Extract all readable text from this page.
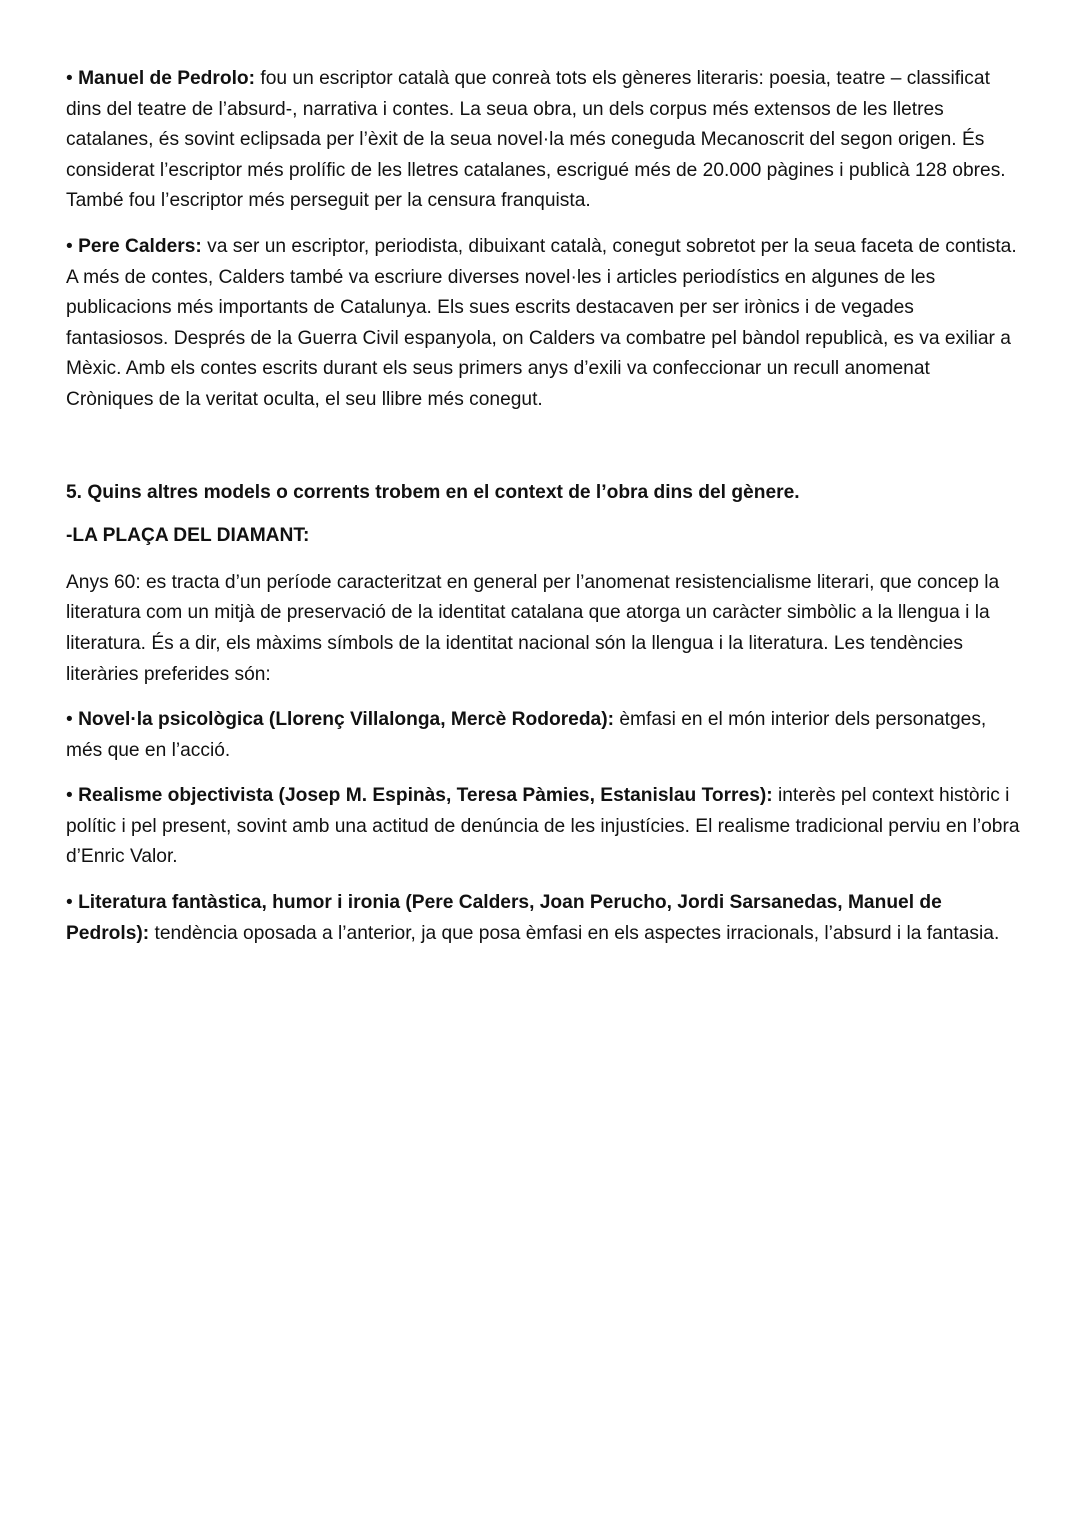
• Manuel de Pedrolo: fou un escriptor català que conreà tots els gèneres literaris: poesia, teatre – classificat dins del teatre de l’absurd-, narrativa i contes. La seua obra, un dels corpus més extensos de les lletres catalanes, és sovint eclipsada per l’èxit de la seua novel·la més coneguda Mecanoscrit del segon origen. És considerat l’escriptor més prolífic de les lletres catalanes, escrigué més de 20.000 pàgines i publicà 128 obres. També fou l’escriptor més perseguit per la censura franquista.

• Pere Calders: va ser un escriptor, periodista, dibuixant català, conegut sobretot per la seua faceta de contista. A més de contes, Calders també va escriure diverses novel·les i articles periodístics en algunes de les publicacions més importants de Catalunya. Els sues escrits destacaven per ser irònics i de vegades fantasiosos. Després de la Guerra Civil espanyola, on Calders va combatre pel bàndol republicà, es va exiliar a Mèxic. Amb els contes escrits durant els seus primers anys d’exili va confeccionar un recull anomenat Cròniques de la veritat oculta, el seu llibre més conegut.

5. Quins altres models o corrents trobem en el context de l’obra dins del gènere.

-LA PLAÇA DEL DIAMANT:

Anys 60: es tracta d’un període caracteritzat en general per l’anomenat resistencialisme literari, que concep la literatura com un mitjà de preservació de la identitat catalana que atorga un caràcter simbòlic a la llengua i la literatura. És a dir, els màxims símbols de la identitat nacional són la llengua i la literatura. Les tendències literàries preferides són:

• Novel·la psicològica (Llorenç Villalonga, Mercè Rodoreda): èmfasi en el món interior dels personatges, més que en l’acció.

• Realisme objectivista (Josep M. Espinàs, Teresa Pàmies, Estanislau Torres): interès pel context històric i polític i pel present, sovint amb una actitud de denúncia de les injustícies. El realisme tradicional perviu en l’obra d’Enric Valor.

• Literatura fantàstica, humor i ironia (Pere Calders, Joan Perucho, Jordi Sarsanedas, Manuel de Pedrols): tendència oposada a l’anterior, ja que posa èmfasi en els aspectes irracionals, l’absurd i la fantasia.
